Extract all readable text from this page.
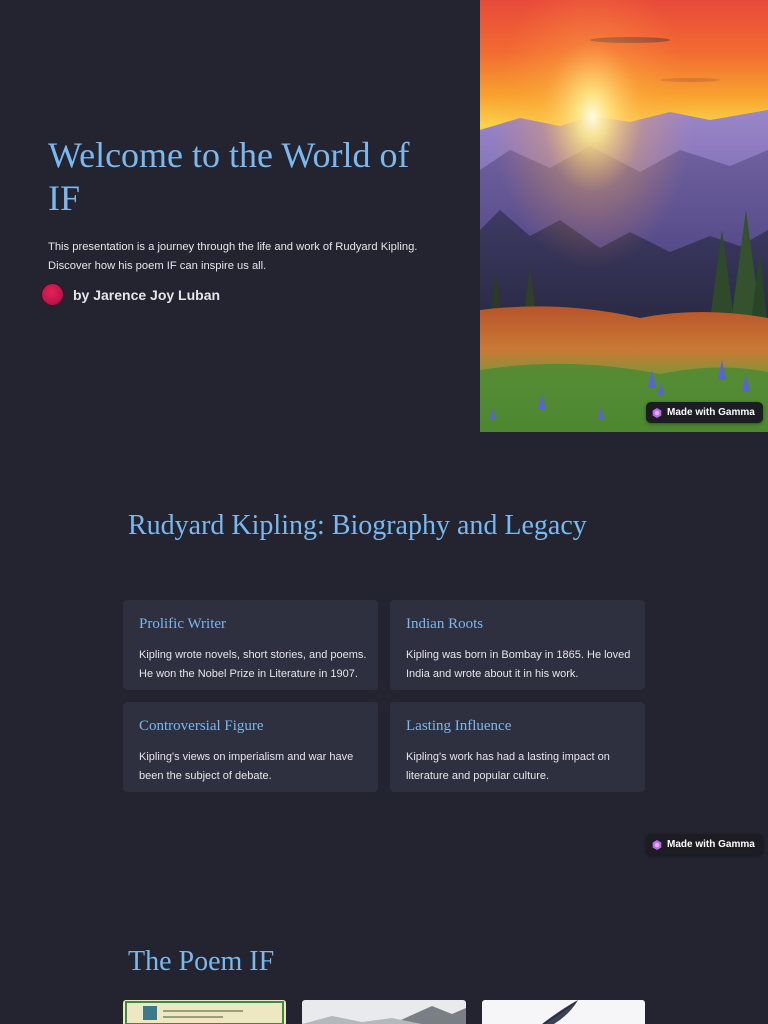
Welcome to the World of IF

This presentation is a journey through the life and work of Rudyard Kipling. Discover how his poem IF can inspire us all.

by Jarence Joy Luban
Made with Gamma
Rudyard Kipling: Biography and Legacy
Prolific Writer

Kipling wrote novels, short stories, and poems. He won the Nobel Prize in Literature in 1907.

Indian Roots

Kipling was born in Bombay in 1865. He loved India and wrote about it in his work.

Controversial Figure

Kipling's views on imperialism and war have been the subject of debate.

Lasting Influence

Kipling's work has had a lasting impact on literature and popular culture.

Made with Gamma
The Poem IF
